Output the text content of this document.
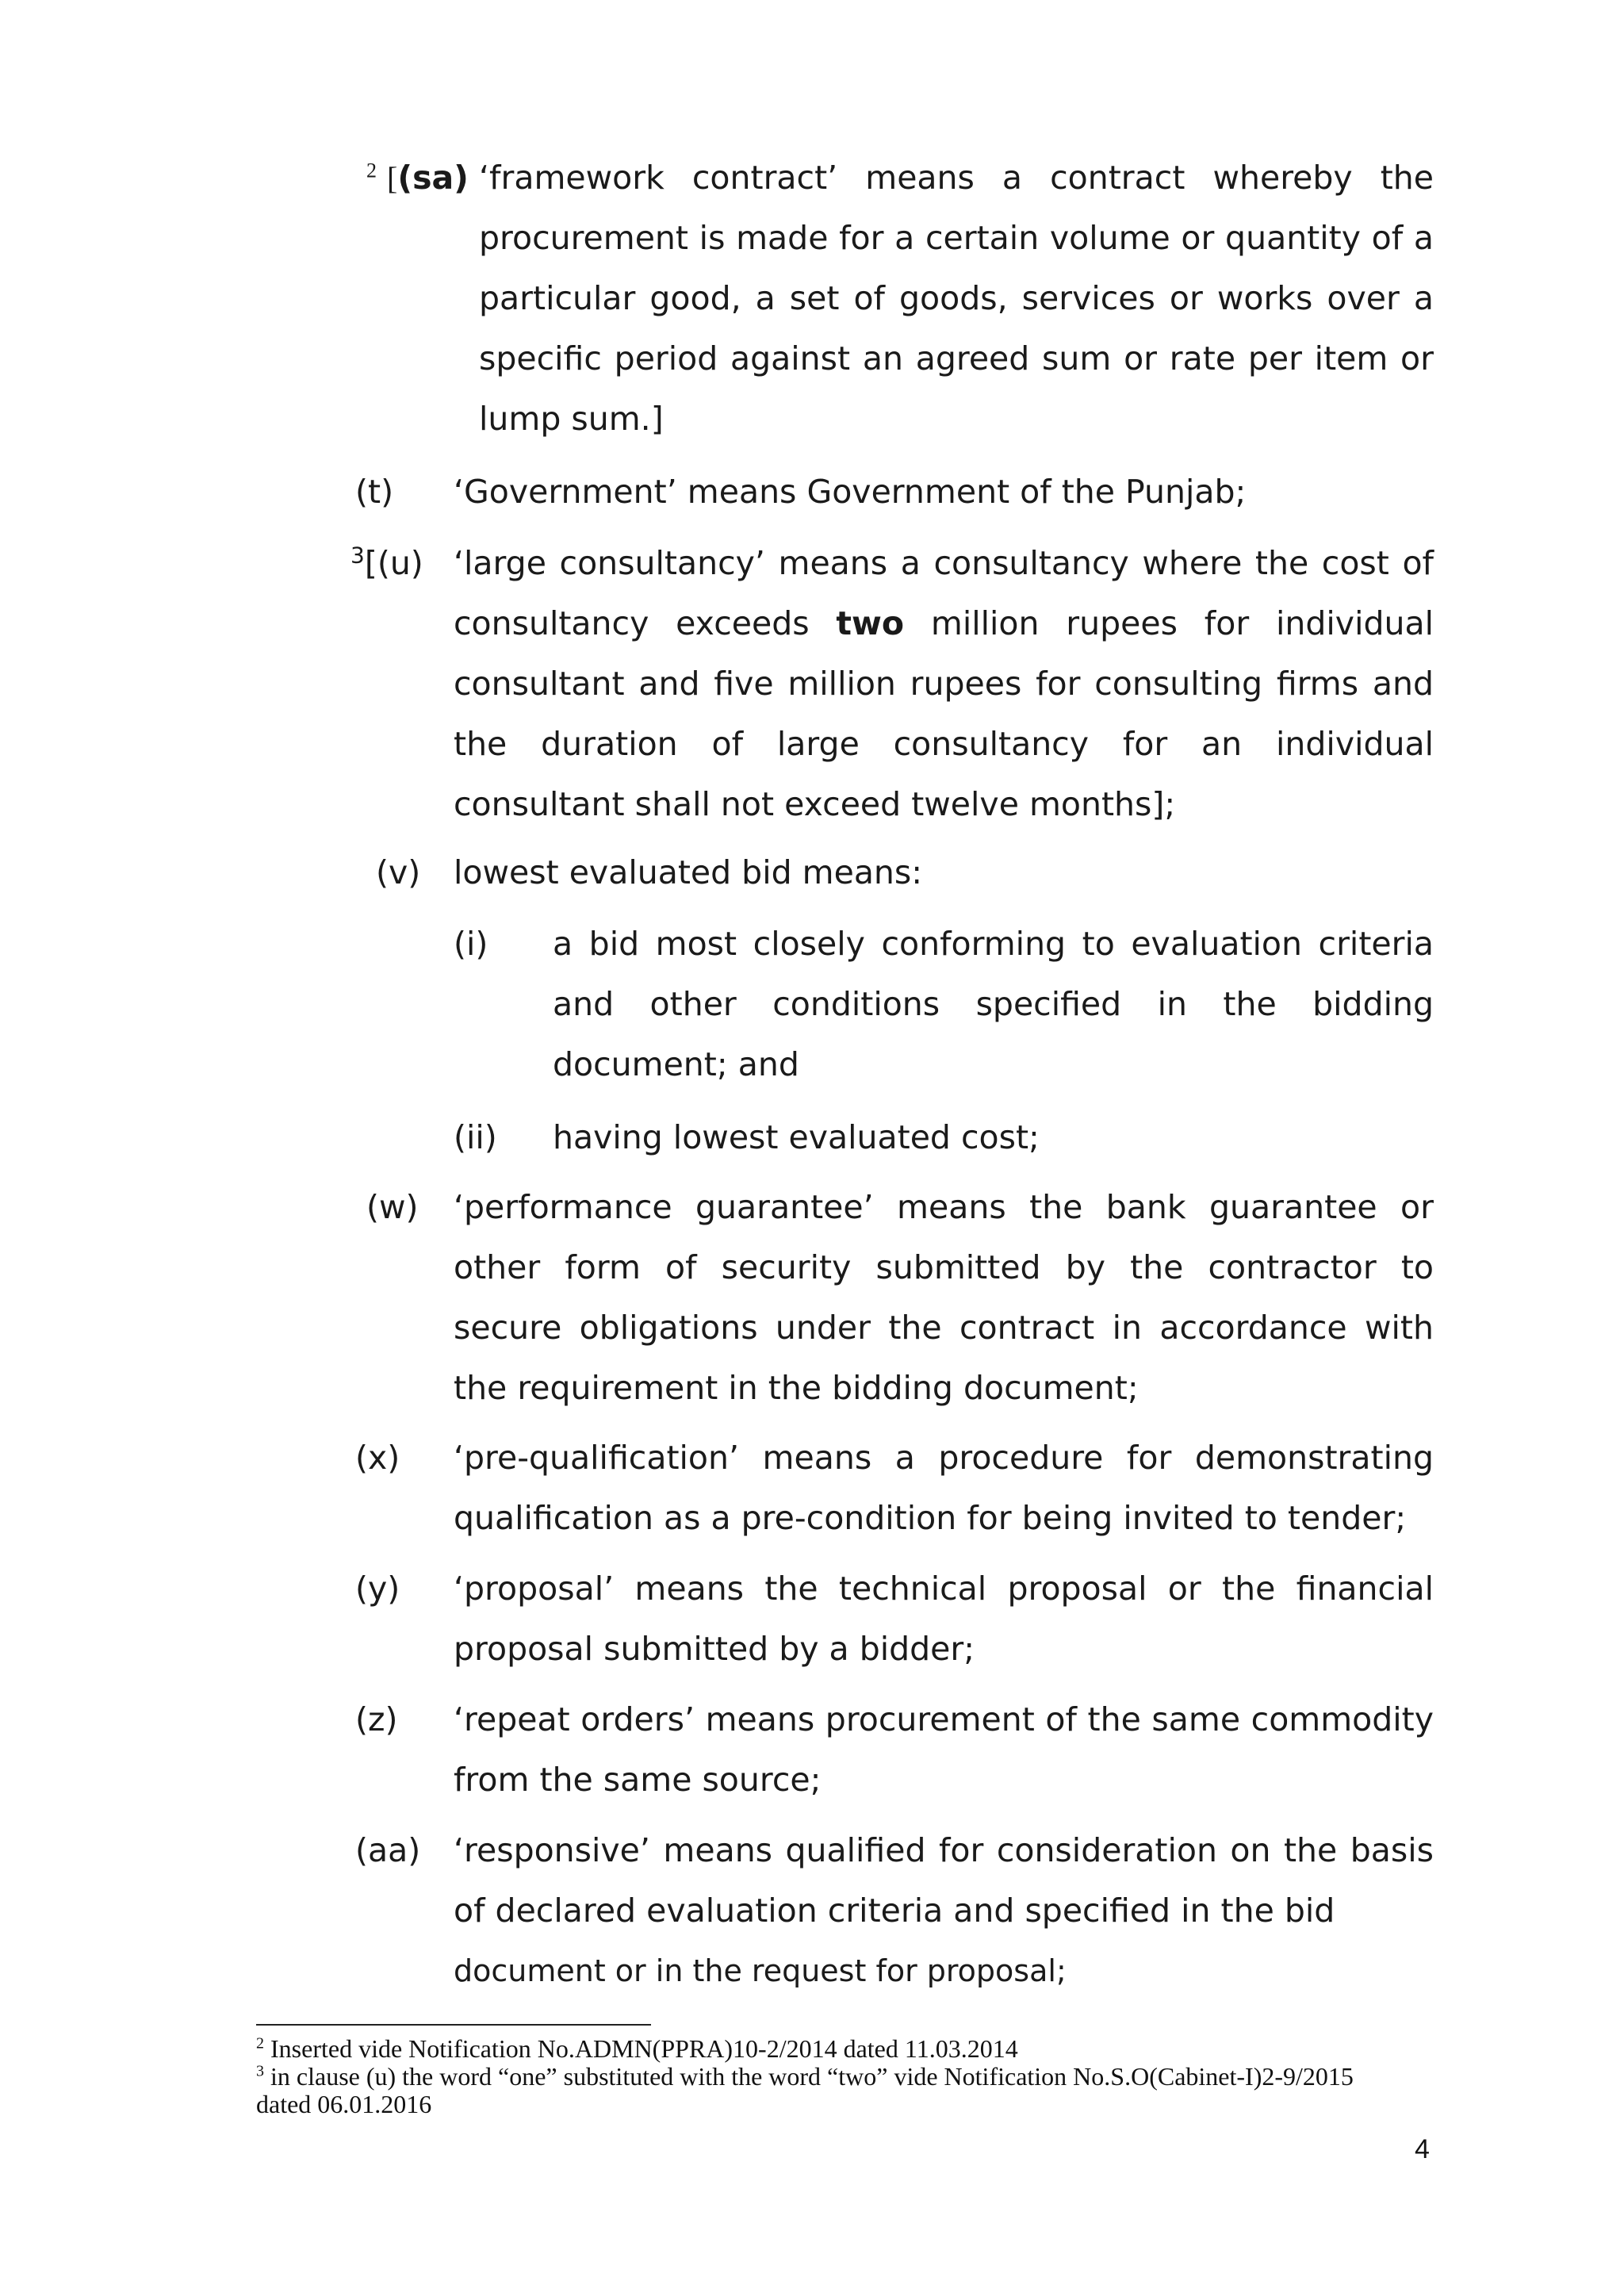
$^2$ [(sa) ‘framework contract’ means a contract whereby the procurement is made for a certain volume or quantity of a particular good, a set of goods, services or works over a specific period against an agreed sum or rate per item or lump sum.]
(t) ‘Government’ means Government of the Punjab;
$^3$[(u) ‘large consultancy’ means a consultancy where the cost of consultancy exceeds two million rupees for individual consultant and five million rupees for consulting firms and the duration of large consultancy for an individual consultant shall not exceed twelve months];
(v) lowest evaluated bid means:
(i) a bid most closely conforming to evaluation criteria and other conditions specified in the bidding document; and
(ii) having lowest evaluated cost;
(w) ‘performance guarantee’ means the bank guarantee or other form of security submitted by the contractor to secure obligations under the contract in accordance with the requirement in the bidding document;
(x) ‘pre-qualification’ means a procedure for demonstrating qualification as a pre-condition for being invited to tender;
(y) ‘proposal’ means the technical proposal or the financial proposal submitted by a bidder;
(z) ‘repeat orders’ means procurement of the same commodity from the same source;
(aa) ‘responsive’ means qualified for consideration on the basis of declared evaluation criteria and specified in the bid
document or in the request for proposal;
$^2$ Inserted vide Notification No.ADMN(PPRA)10-2/2014 dated 11.03.2014
$^3$ in clause (u) the word “one” substituted with the word “two” vide Notification No.S.O(Cabinet-I)2-9/2015 dated 06.01.2016
4
